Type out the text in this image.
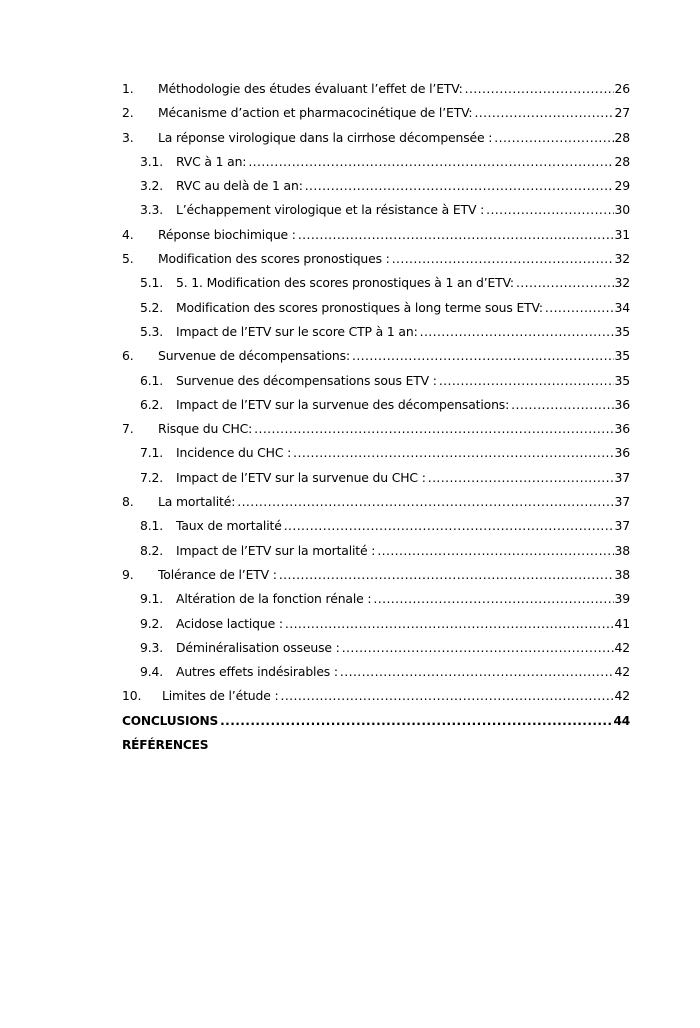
1.	Méthodologie des études évaluant l’effet de l’ETV: .....	26
2.	Mécanisme d’action et pharmacocinétique de l’ETV: .....	27
3.	La réponse virologique dans la cirrhose décompensée : .....	28
3.1.	RVC à 1 an: .....	28
3.2.	RVC au delà de 1 an: .....	29
3.3.	L’échappement virologique et la résistance à ETV : .....	30
4.	Réponse biochimique : .....	31
5.	Modification des scores pronostiques : .....	32
5.1.	5. 1. Modification des scores pronostiques à 1 an d’ETV: .....	32
5.2.	Modification des scores pronostiques à long terme sous ETV: .....	34
5.3.	Impact de l’ETV sur le score CTP à 1 an: .....	35
6.	Survenue de décompensations: .....	35
6.1.	Survenue des décompensations sous ETV : .....	35
6.2.	Impact de l’ETV sur la survenue des décompensations: .....	36
7.	Risque du CHC: .....	36
7.1.	Incidence du CHC : .....	36
7.2.	Impact de l’ETV sur la survenue du CHC : .....	37
8.	La mortalité: .....	37
8.1.	Taux de mortalité .....	37
8.2.	Impact de l’ETV sur la mortalité : .....	38
9.	Tolérance de l’ETV : .....	38
9.1.	Altération de la fonction rénale : .....	39
9.2.	Acidose lactique : .....	41
9.3.	Déminéralisation osseuse : .....	42
9.4.	Autres effets indésirables : .....	42
10.	Limites de l’étude : .....	42
CONCLUSIONS .....	44
RÉFÉRENCES
